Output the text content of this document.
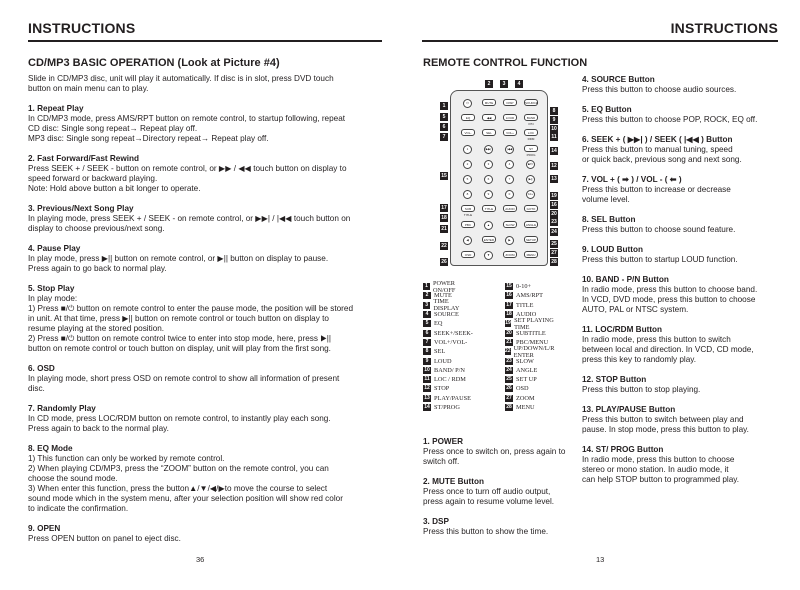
INSTRUCTIONS
CD/MP3 BASIC OPERATION (Look at Picture #4)

Slide in CD/MP3 disc, unit will play it automatically. If disc is in slot, press DVD touch
button on main menu can to play.

1. Repeat Play
In CD/MP3 mode, press AMS/RPT button on remote control, to startup following, repeat
CD disc: Single song repeat→ Repeat play off.
MP3 disc: Single song repeat→Directory repeat→ Repeat play off.

2. Fast Forward/Fast Rewind
Press SEEK + / SEEK - button on remote control, or ▶▶ / ◀◀ touch button on display to
speed forward or backward playing.
Note: Hold above button a bit longer to operate.

3. Previous/Next Song Play
In playing mode, press SEEK + / SEEK - on remote control, or ▶▶| / |◀◀ touch button on
display to choose previous/next song.

4. Pause Play
In play mode, press ▶|| button on remote control, or ▶|| button on display to pause.
Press again to go back to normal play.

5. Stop Play
In play mode:
1) Press ■/⏻ button on remote control to enter the pause mode, the position will be stored
in unit. At that time, press ▶|| button on remote control or touch button on display to
resume playing at the stored position.
2) Press ■/⏻ button on remote control twice to enter into stop mode, here, press ▶||
button on remote control or touch button on display, unit will play from the first song.

6. OSD
In playing mode, short press OSD on remote control to show all information of present
disc.

7. Randomly Play
In CD mode, press LOC/RDM button on remote control, to instantly play each song.
Press again to back to the normal play.

8. EQ Mode
1) This function can only be worked by remote control.
2) When playing CD/MP3, press the “ZOOM” button on the remote control, you can
choose the sound mode.
3) When enter this function, press the button▲/▼/◀/▶to move the course to select
sound mode which in the system menu, after your selection position will show red color
to indicate the confirmation.

9. OPEN
Press OPEN button on panel to eject disc.

36
INSTRUCTIONS
REMOTE CONTROL FUNCTION
⏻	MUTE	DISP	SOURCE
EQ	◀◀	LOUD	BAND P/N
VOL-	SEL	VOL+	LOC RDM
1	▶▶|	|◀◀	ST PROG
2	3	4	■/⏻
5	6	7	▶||
8	9	0	10+
SUB TITLE
TITLE	AUDIO	GOTO
PBC	▲	SLOW	ANGLE
◀	ENTER	▶	SETUP
OSD	▼	ZOOM	MENU
2	3	4
1
5
6
7
15
17
18
21
22
26
8
9
10
11
14
12
13
19
16
20
23
24
25
27
28
1 POWER ON/OFF
2 MUTE
3 TIME DISPLAY
4 SOURCE
5 EQ
6 SEEK+/SEEK-
7 VOL+/VOL-
8 SEL
9 LOUD
10 BAND/ P/N
11 LOC / RDM
12 STOP
13 PLAY/PAUSE
14 ST/PROG
15 0-10+
16 AMS/RPT
17 TITLE
18 AUDIO
19 SET PLAYING TIME
20 SUBTITLE
21 PBC/MENU
22 UP/DOWN/L/R ENTER
23 SLOW
24 ANGLE
25 SET UP
26 OSD
27 ZOOM
28 MENU

1. POWER
Press once to switch on, press again to
switch off.

2. MUTE Button
Press once to turn off audio output,
press again to resume volume level.

3. DSP
Press this button to show the time.

4. SOURCE Button
Press this button to choose audio sources.

5. EQ Button
Press this button to choose POP, ROCK, EQ off.

6. SEEK + ( ▶▶| ) / SEEK ( |◀◀ ) Button
Press this button to manual tuning, speed
or quick back, previous song and next song.

7. VOL + ( ➡ ) / VOL - ( ⬅ )
Press this button to increase or decrease
volume level.

8. SEL Button
Press this button to choose sound feature.

9. LOUD Button
Press this button to startup LOUD function.

10. BAND - P/N Button
In radio mode, press this button to choose band.
In VCD, DVD mode, press this button to choose
AUTO, PAL or NTSC system.

11. LOC/RDM Button
In radio mode, press this button to switch
between local and direction. In VCD, CD mode,
press this key to randomly play.

12. STOP Button
Press this button to stop playing.

13. PLAY/PAUSE Button
Press this button to switch between play and
pause. In stop mode, press this button to play.

14. ST/ PROG Button
In radio mode, press this button to choose
stereo or mono station. In audio mode, it
can help STOP button to programmed play.

13
